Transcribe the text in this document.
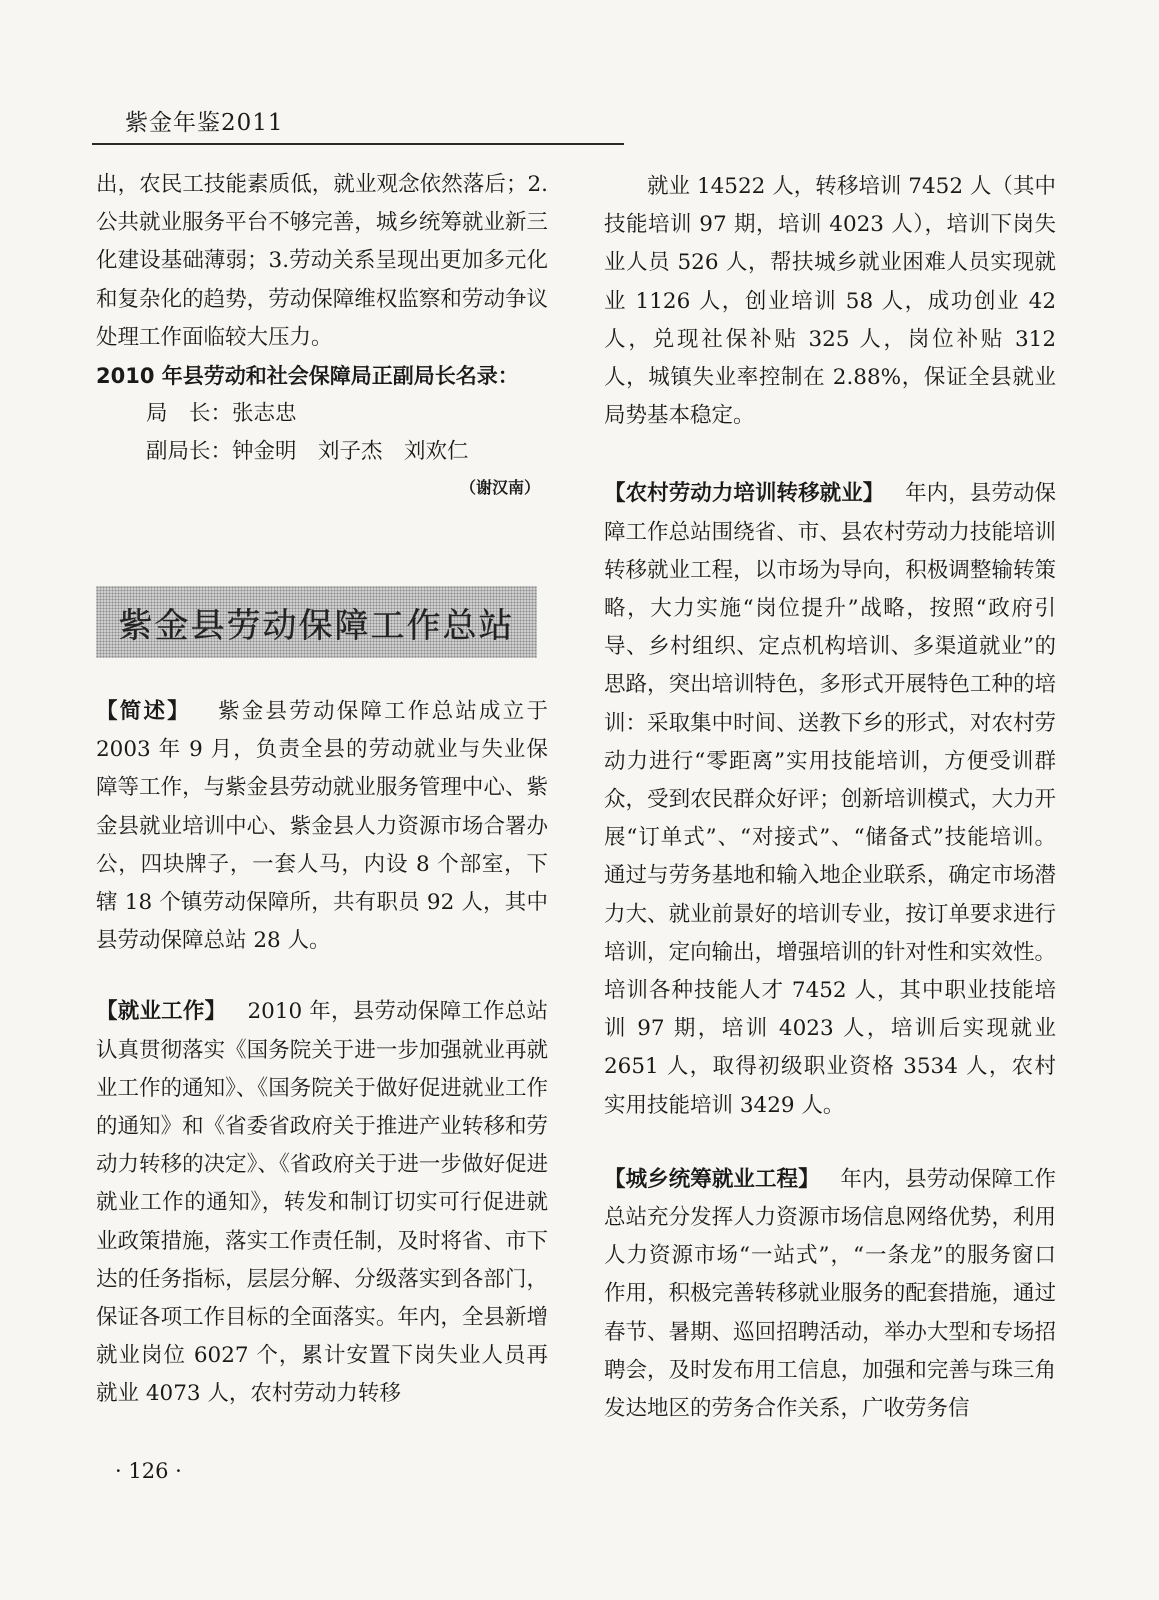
紫金年鉴2011

出，农民工技能素质低，就业观念依然落后；2.公共就业服务平台不够完善，城乡统筹就业新三化建设基础薄弱；3.劳动关系呈现出更加多元化和复杂化的趋势，劳动保障维权监察和劳动争议处理工作面临较大压力。

2010 年县劳动和社会保障局正副局长名录：
局　长：张志忠
副局长：钟金明　刘子杰　刘欢仁
（谢汉南）
紫金县劳动保障工作总站

【简述】 紫金县劳动保障工作总站成立于2003 年 9 月，负责全县的劳动就业与失业保障等工作，与紫金县劳动就业服务管理中心、紫金县就业培训中心、紫金县人力资源市场合署办公，四块牌子，一套人马，内设 8 个部室，下辖 18 个镇劳动保障所，共有职员 92 人，其中县劳动保障总站 28 人。

【就业工作】 2010 年，县劳动保障工作总站认真贯彻落实《国务院关于进一步加强就业再就业工作的通知》、《国务院关于做好促进就业工作的通知》和《省委省政府关于推进产业转移和劳动力转移的决定》、《省政府关于进一步做好促进就业工作的通知》，转发和制订切实可行促进就业政策措施，落实工作责任制，及时将省、市下达的任务指标，层层分解、分级落实到各部门，保证各项工作目标的全面落实。年内，全县新增就业岗位 6027 个，累计安置下岗失业人员再就业 4073 人，农村劳动力转移

就业 14522 人，转移培训 7452 人（其中技能培训 97 期，培训 4023 人），培训下岗失业人员 526 人，帮扶城乡就业困难人员实现就业 1126 人，创业培训 58 人，成功创业 42 人，兑现社保补贴 325 人，岗位补贴 312 人，城镇失业率控制在 2.88%，保证全县就业局势基本稳定。

【农村劳动力培训转移就业】 年内，县劳动保障工作总站围绕省、市、县农村劳动力技能培训转移就业工程，以市场为导向，积极调整输转策略，大力实施“岗位提升”战略，按照“政府引导、乡村组织、定点机构培训、多渠道就业”的思路，突出培训特色，多形式开展特色工种的培训：采取集中时间、送教下乡的形式，对农村劳动力进行“零距离”实用技能培训，方便受训群众，受到农民群众好评；创新培训模式，大力开展“订单式”、“对接式”、“储备式”技能培训。通过与劳务基地和输入地企业联系，确定市场潜力大、就业前景好的培训专业，按订单要求进行培训，定向输出，增强培训的针对性和实效性。培训各种技能人才 7452 人，其中职业技能培训 97 期，培训 4023 人，培训后实现就业 2651 人，取得初级职业资格 3534 人，农村实用技能培训 3429 人。

【城乡统筹就业工程】 年内，县劳动保障工作总站充分发挥人力资源市场信息网络优势，利用人力资源市场“一站式”，“一条龙”的服务窗口作用，积极完善转移就业服务的配套措施，通过春节、暑期、巡回招聘活动，举办大型和专场招聘会，及时发布用工信息，加强和完善与珠三角发达地区的劳务合作关系，广收劳务信

· 126 ·
